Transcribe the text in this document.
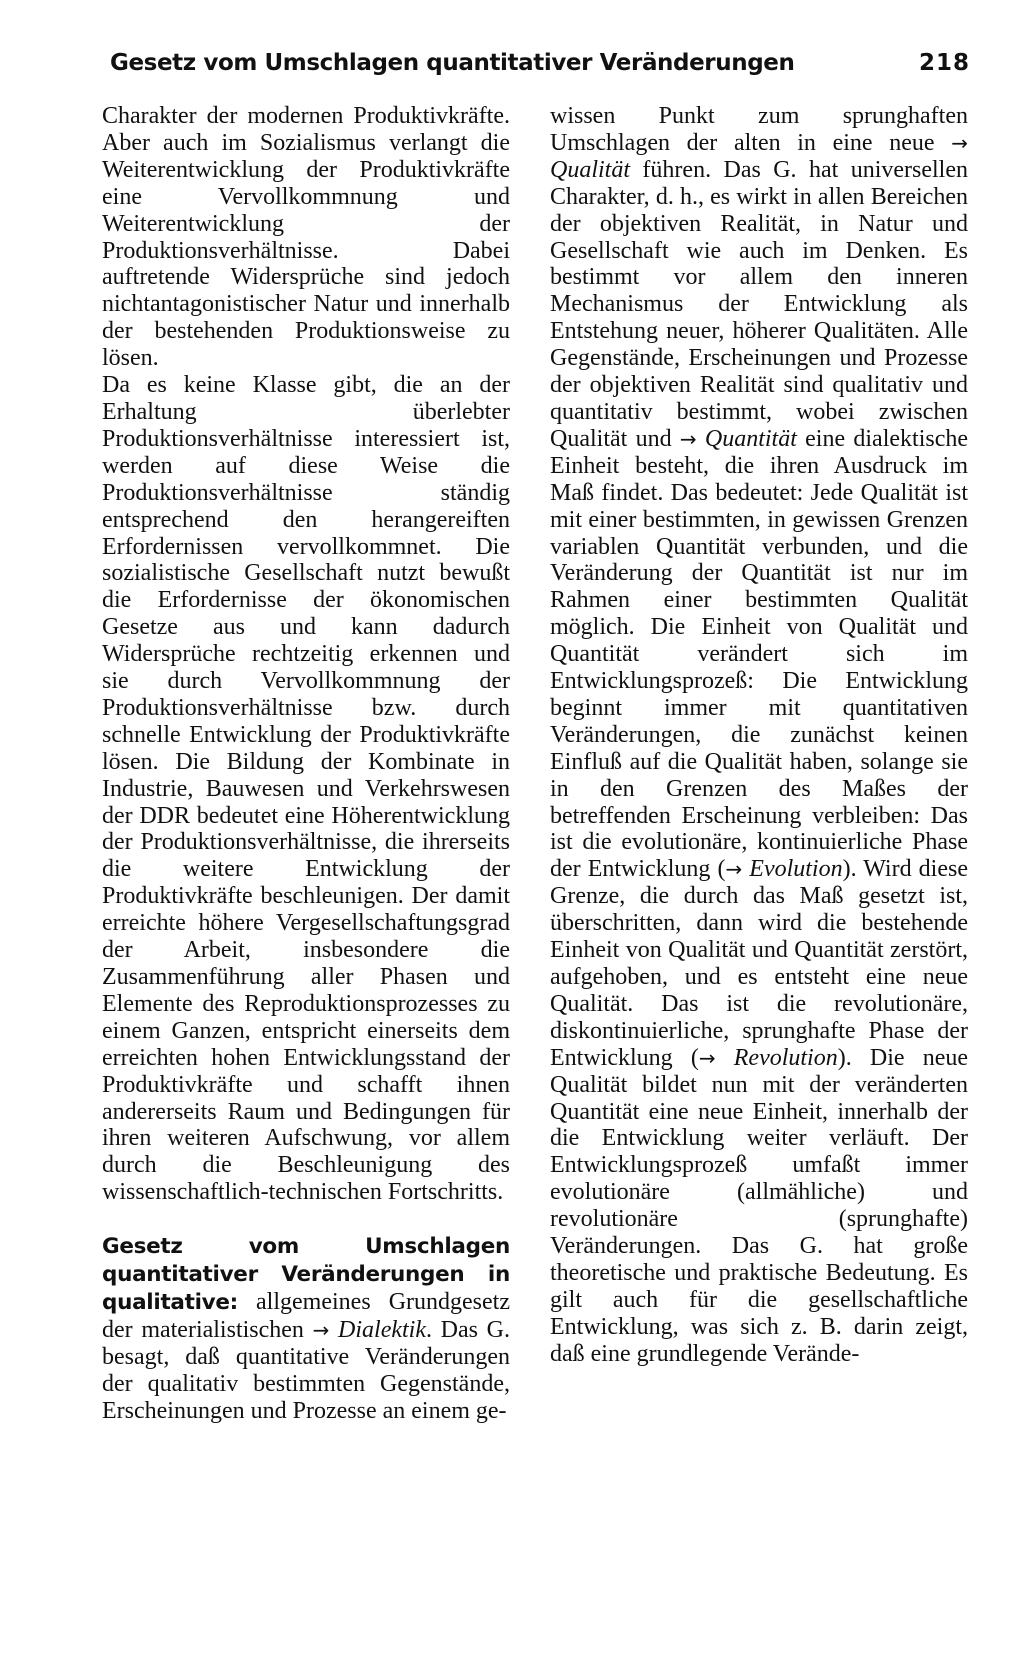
Gesetz vom Umschlagen quantitativer Veränderungen	218

Charakter der modernen Produktivkräfte. Aber auch im Sozialismus verlangt die Weiterentwicklung der Produktivkräfte eine Vervollkommnung und Weiterentwicklung der Produktionsverhältnisse. Dabei auftretende Widersprüche sind jedoch nichtantagonistischer Natur und innerhalb der bestehenden Produktionsweise zu lösen.

Da es keine Klasse gibt, die an der Erhaltung überlebter Produktionsverhältnisse interessiert ist, werden auf diese Weise die Produktionsverhältnisse ständig entsprechend den herangereiften Erfordernissen vervollkommnet. Die sozialistische Gesellschaft nutzt bewußt die Erfordernisse der ökonomischen Gesetze aus und kann dadurch Widersprüche rechtzeitig erkennen und sie durch Vervollkommnung der Produktionsverhältnisse bzw. durch schnelle Entwicklung der Produktivkräfte lösen. Die Bildung der Kombinate in Industrie, Bauwesen und Verkehrswesen der DDR bedeutet eine Höherentwicklung der Produktionsverhältnisse, die ihrerseits die weitere Entwicklung der Produktivkräfte beschleunigen. Der damit erreichte höhere Vergesellschaftungsgrad der Arbeit, insbesondere die Zusammenführung aller Phasen und Elemente des Reproduktionsprozesses zu einem Ganzen, entspricht einerseits dem erreichten hohen Entwicklungsstand der Produktivkräfte und schafft ihnen andererseits Raum und Bedingungen für ihren weiteren Aufschwung, vor allem durch die Beschleunigung des wissenschaftlich-technischen Fortschritts.

Gesetz vom Umschlagen quantitativer Veränderungen in qualitative: allgemeines Grundgesetz der materialistischen → Dialektik. Das G. besagt, daß quantitative Veränderungen der qualitativ bestimmten Gegenstände, Erscheinungen und Prozesse an einem ge-

wissen Punkt zum sprunghaften Umschlagen der alten in eine neue → Qualität führen. Das G. hat universellen Charakter, d. h., es wirkt in allen Bereichen der objektiven Realität, in Natur und Gesellschaft wie auch im Denken. Es bestimmt vor allem den inneren Mechanismus der Entwicklung als Entstehung neuer, höherer Qualitäten. Alle Gegenstände, Erscheinungen und Prozesse der objektiven Realität sind qualitativ und quantitativ bestimmt, wobei zwischen Qualität und → Quantität eine dialektische Einheit besteht, die ihren Ausdruck im Maß findet. Das bedeutet: Jede Qualität ist mit einer bestimmten, in gewissen Grenzen variablen Quantität verbunden, und die Veränderung der Quantität ist nur im Rahmen einer bestimmten Qualität möglich. Die Einheit von Qualität und Quantität verändert sich im Entwicklungsprozeß: Die Entwicklung beginnt immer mit quantitativen Veränderungen, die zunächst keinen Einfluß auf die Qualität haben, solange sie in den Grenzen des Maßes der betreffenden Erscheinung verbleiben: Das ist die evolutionäre, kontinuierliche Phase der Entwicklung (→ Evolution). Wird diese Grenze, die durch das Maß gesetzt ist, überschritten, dann wird die bestehende Einheit von Qualität und Quantität zerstört, aufgehoben, und es entsteht eine neue Qualität. Das ist die revolutionäre, diskontinuierliche, sprunghafte Phase der Entwicklung (→ Revolution). Die neue Qualität bildet nun mit der veränderten Quantität eine neue Einheit, innerhalb der die Entwicklung weiter verläuft. Der Entwicklungsprozeß umfaßt immer evolutionäre (allmähliche) und revolutionäre (sprunghafte) Veränderungen. Das G. hat große theoretische und praktische Bedeutung. Es gilt auch für die gesellschaftliche Entwicklung, was sich z. B. darin zeigt, daß eine grundlegende Verände-
